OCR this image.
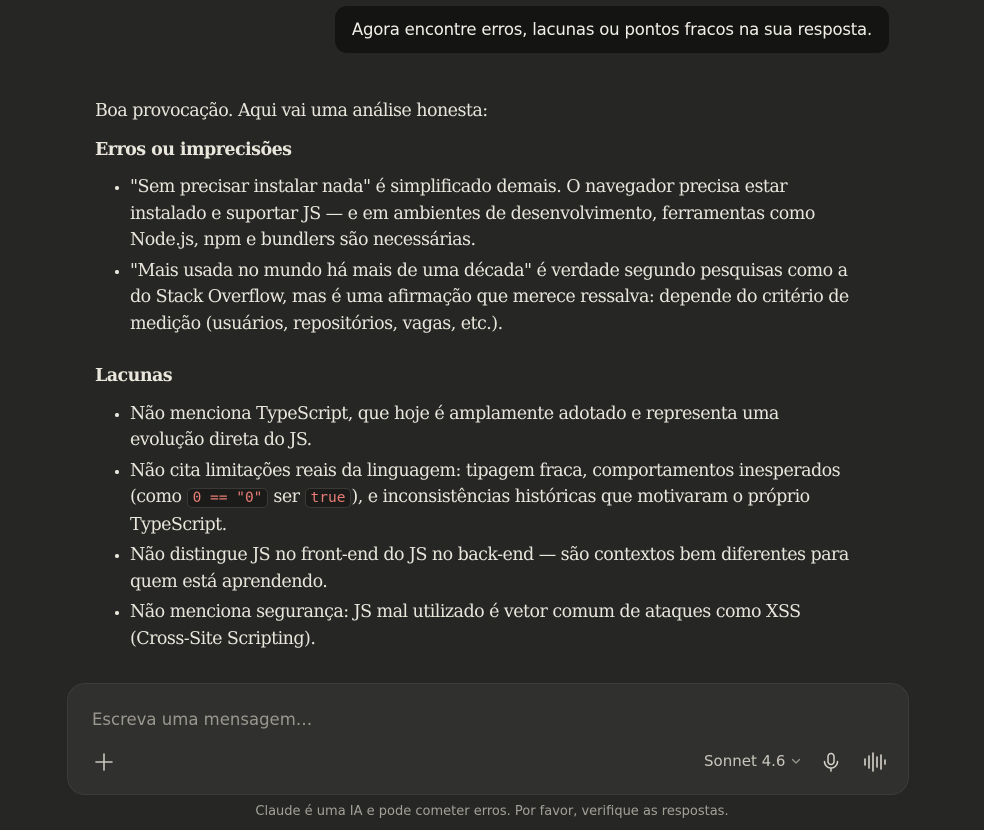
Agora encontre erros, lacunas ou pontos fracos na sua resposta.

Boa provocação. Aqui vai uma análise honesta:

Erros ou imprecisões
• "Sem precisar instalar nada" é simplificado demais. O navegador precisa estar instalado e suportar JS — e em ambientes de desenvolvimento, ferramentas como Node.js, npm e bundlers são necessárias.
• "Mais usada no mundo há mais de uma década" é verdade segundo pesquisas como a do Stack Overflow, mas é uma afirmação que merece ressalva: depende do critério de medição (usuários, repositórios, vagas, etc.).
Lacunas
• Não menciona TypeScript, que hoje é amplamente adotado e representa uma evolução direta do JS.
• Não cita limitações reais da linguagem: tipagem fraca, comportamentos inesperados (como 0 == "0" ser true ), e inconsistências históricas que motivaram o próprio TypeScript.
• Não distingue JS no front-end do JS no back-end — são contextos bem diferentes para quem está aprendendo.
• Não menciona segurança: JS mal utilizado é vetor comum de ataques como XSS (Cross-Site Scripting).
Escreva uma mensagem…
Sonnet 4.6
Claude é uma IA e pode cometer erros. Por favor, verifique as respostas.
